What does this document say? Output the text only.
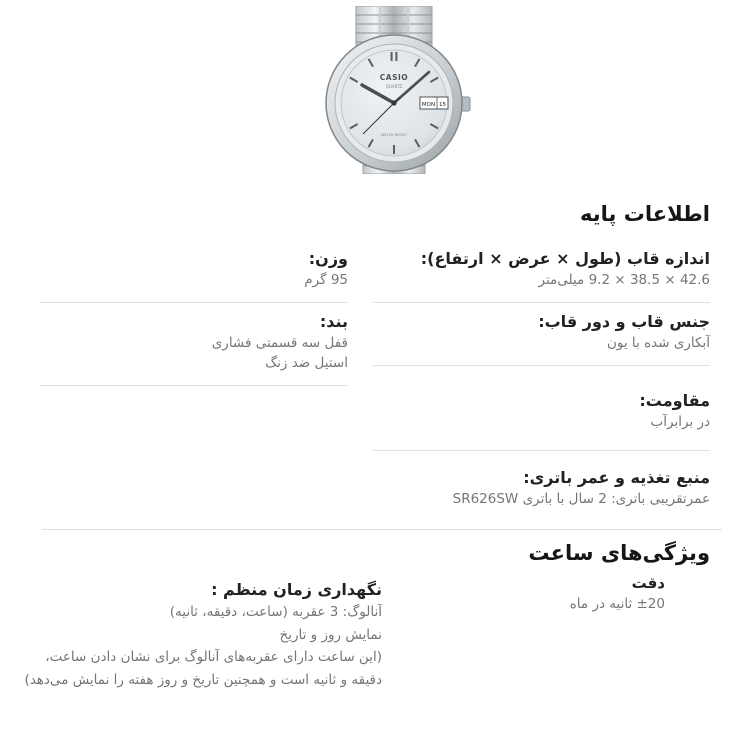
CASIO
QUARTZ
WATER RESIST
MON 15
اطلاعات پایه
اندازه قاب (طول × عرض × ارتفاع):
42.6 × 38.5 × 9.2 میلی‌متر
جنس قاب و دور قاب:
آبکاری شده با یون
مقاومت:
در برابرآب
منبع تغذیه و عمر باتری:
عمرتقریبی باتری: 2 سال با باتری SR626SW
وزن:
95 گرم
بند:
قفل سه قسمتی فشاری
استیل ضد زنگ
ویژگی‌های ساعت
دقت
±20 ثانیه در ماه
نگهداری زمان منظم :
آنالوگ: 3 عقربه (ساعت، دقیقه، ثانیه)
نمایش روز و تاریخ
(این ساعت دارای عقربه‌های آنالوگ برای نشان دادن ساعت،
دقیقه و ثانیه است و همچنین تاریخ و روز هفته را نمایش می‌دهد)
